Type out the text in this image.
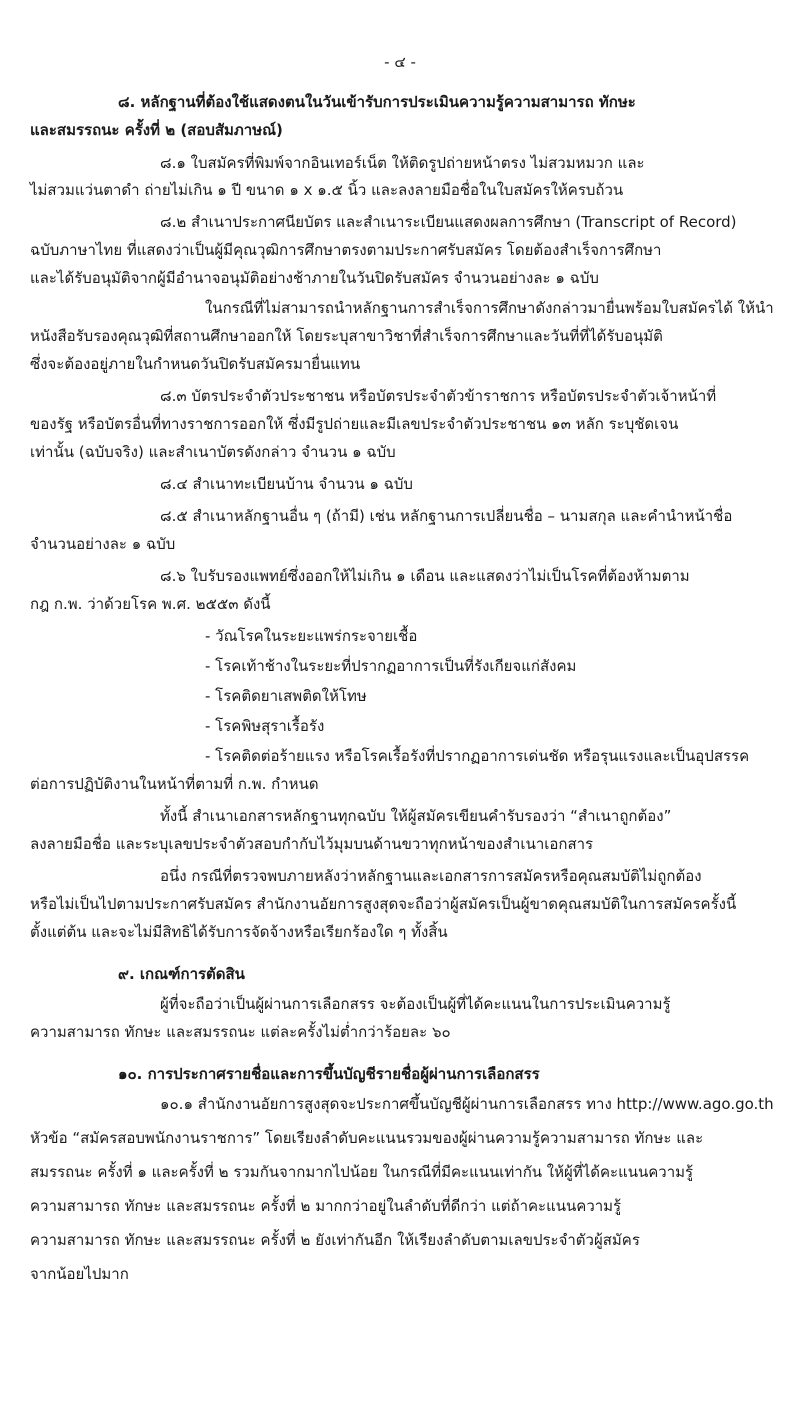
- ๔ -
๘. หลักฐานที่ต้องใช้แสดงตนในวันเข้ารับการประเมินความรู้ความสามารถ ทักษะ
และสมรรถนะ ครั้งที่ ๒ (สอบสัมภาษณ์)
๘.๑ ใบสมัครที่พิมพ์จากอินเทอร์เน็ต ให้ติดรูปถ่ายหน้าตรง ไม่สวมหมวก และ
ไม่สวมแว่นตาดำ ถ่ายไม่เกิน ๑ ปี ขนาด ๑ x ๑.๕ นิ้ว และลงลายมือชื่อในใบสมัครให้ครบถ้วน
๘.๒ สำเนาประกาศนียบัตร และสำเนาระเบียนแสดงผลการศึกษา (Transcript of Record)
ฉบับภาษาไทย ที่แสดงว่าเป็นผู้มีคุณวุฒิการศึกษาตรงตามประกาศรับสมัคร โดยต้องสำเร็จการศึกษา
และได้รับอนุมัติจากผู้มีอำนาจอนุมัติอย่างช้าภายในวันปิดรับสมัคร จำนวนอย่างละ ๑ ฉบับ
ในกรณีที่ไม่สามารถนำหลักฐานการสำเร็จการศึกษาดังกล่าวมายื่นพร้อมใบสมัครได้ ให้นำ
หนังสือรับรองคุณวุฒิที่สถานศึกษาออกให้ โดยระบุสาขาวิชาที่สำเร็จการศึกษาและวันที่ที่ได้รับอนุมัติ
ซึ่งจะต้องอยู่ภายในกำหนดวันปิดรับสมัครมายื่นแทน
๘.๓ บัตรประจำตัวประชาชน หรือบัตรประจำตัวข้าราชการ หรือบัตรประจำตัวเจ้าหน้าที่
ของรัฐ หรือบัตรอื่นที่ทางราชการออกให้ ซึ่งมีรูปถ่ายและมีเลขประจำตัวประชาชน ๑๓ หลัก ระบุชัดเจน
เท่านั้น (ฉบับจริง) และสำเนาบัตรดังกล่าว จำนวน ๑ ฉบับ
๘.๔ สำเนาทะเบียนบ้าน จำนวน ๑ ฉบับ
๘.๕ สำเนาหลักฐานอื่น ๆ (ถ้ามี) เช่น หลักฐานการเปลี่ยนชื่อ – นามสกุล และคำนำหน้าชื่อ
จำนวนอย่างละ ๑ ฉบับ
๘.๖ ใบรับรองแพทย์ซึ่งออกให้ไม่เกิน ๑ เดือน และแสดงว่าไม่เป็นโรคที่ต้องห้ามตาม
กฎ ก.พ. ว่าด้วยโรค พ.ศ. ๒๕๕๓ ดังนี้
- วัณโรคในระยะแพร่กระจายเชื้อ
- โรคเท้าช้างในระยะที่ปรากฏอาการเป็นที่รังเกียจแก่สังคม
- โรคติดยาเสพติดให้โทษ
- โรคพิษสุราเรื้อรัง
- โรคติดต่อร้ายแรง หรือโรคเรื้อรังที่ปรากฏอาการเด่นชัด หรือรุนแรงและเป็นอุปสรรค
ต่อการปฏิบัติงานในหน้าที่ตามที่ ก.พ. กำหนด
ทั้งนี้ สำเนาเอกสารหลักฐานทุกฉบับ ให้ผู้สมัครเขียนคำรับรองว่า “สำเนาถูกต้อง”
ลงลายมือชื่อ และระบุเลขประจำตัวสอบกำกับไว้มุมบนด้านขวาทุกหน้าของสำเนาเอกสาร
อนึ่ง กรณีที่ตรวจพบภายหลังว่าหลักฐานและเอกสารการสมัครหรือคุณสมบัติไม่ถูกต้อง
หรือไม่เป็นไปตามประกาศรับสมัคร สำนักงานอัยการสูงสุดจะถือว่าผู้สมัครเป็นผู้ขาดคุณสมบัติในการสมัครครั้งนี้
ตั้งแต่ต้น และจะไม่มีสิทธิได้รับการจัดจ้างหรือเรียกร้องใด ๆ ทั้งสิ้น
๙. เกณฑ์การตัดสิน
ผู้ที่จะถือว่าเป็นผู้ผ่านการเลือกสรร จะต้องเป็นผู้ที่ได้คะแนนในการประเมินความรู้
ความสามารถ ทักษะ และสมรรถนะ แต่ละครั้งไม่ต่ำกว่าร้อยละ ๖๐
๑๐. การประกาศรายชื่อและการขึ้นบัญชีรายชื่อผู้ผ่านการเลือกสรร
๑๐.๑ สำนักงานอัยการสูงสุดจะประกาศขึ้นบัญชีผู้ผ่านการเลือกสรร ทาง http://www.ago.go.th
หัวข้อ “สมัครสอบพนักงานราชการ” โดยเรียงลำดับคะแนนรวมของผู้ผ่านความรู้ความสามารถ ทักษะ และ
สมรรถนะ ครั้งที่ ๑ และครั้งที่ ๒ รวมกันจากมากไปน้อย ในกรณีที่มีคะแนนเท่ากัน ให้ผู้ที่ได้คะแนนความรู้
ความสามารถ ทักษะ และสมรรถนะ ครั้งที่ ๒ มากกว่าอยู่ในลำดับที่ดีกว่า แต่ถ้าคะแนนความรู้
ความสามารถ ทักษะ และสมรรถนะ ครั้งที่ ๒ ยังเท่ากันอีก ให้เรียงลำดับตามเลขประจำตัวผู้สมัคร
จากน้อยไปมาก
